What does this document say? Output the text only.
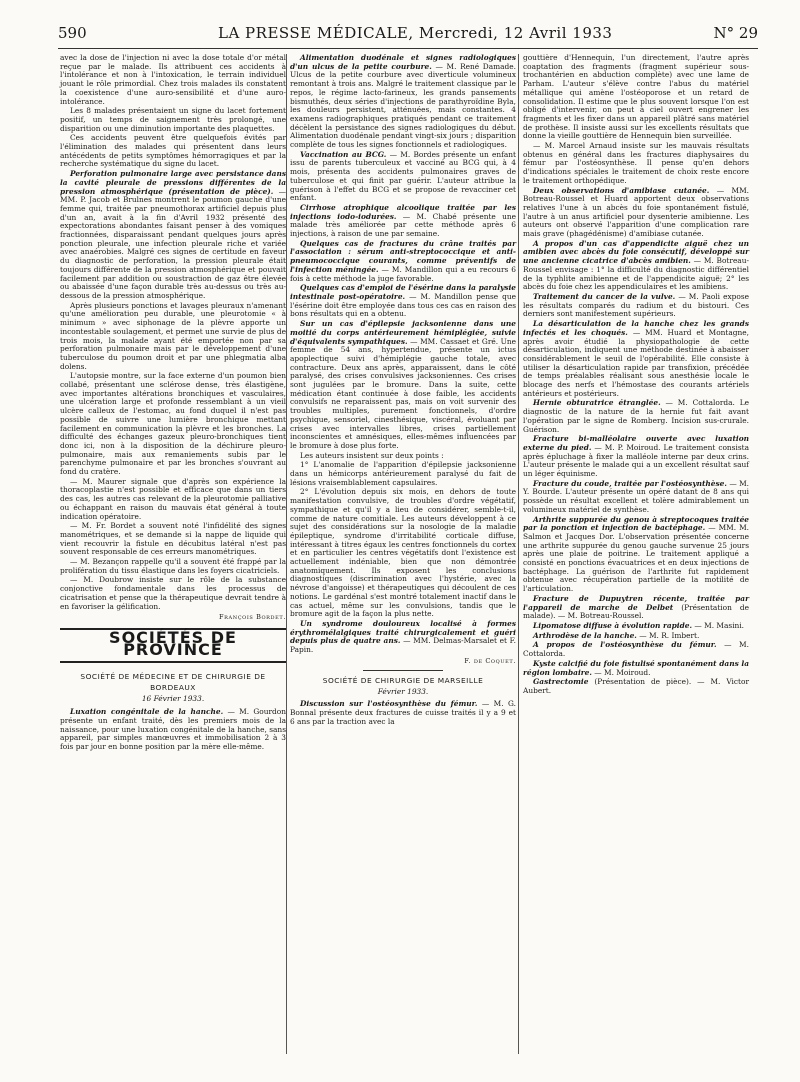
590	LA PRESSE MÉDICALE, Mercredi, 12 Avril 1933	N° 29

avec la dose de l'injection ni avec la dose totale d'or métal reçue par le malade. Ils attribuent ces accidents à l'intolérance et non à l'intoxication, le terrain individuel jouant le rôle primordial. Chez trois malades ils constatent la coexistence d'une auro-sensibilité et d'une auro-intolérance.

Les 8 malades présentaient un signe du lacet fortement positif, un temps de saignement très prolongé, une disparition ou une diminution importante des plaquettes.

Ces accidents peuvent être quelquefois évités par l'élimination des malades qui présentent dans leurs antécédents de petits symptômes hémorragiques et par la recherche systématique du signe du lacet.

Perforation pulmonaire large avec persistance dans la cavité pleurale de pressions différentes de la pression atmosphérique (présentation de pièce). — MM. P. Jacob et Brulnes montrent le poumon gauche d'une femme qui, traitée par pneumothorax artificiel depuis plus d'un an, avait à la fin d'Avril 1932 présenté des expectorations abondantes faisant penser à des vomiques fractionnées, disparaissant pendant quelques jours après ponction pleurale, une infection pleurale riche et variée avec anaérobies. Malgré ces signes de certitude en faveur du diagnostic de perforation, la pression pleurale était toujours différente de la pression atmosphérique et pouvait facilement par addition ou soustraction de gaz être élevée ou abaissée d'une façon durable très au-dessus ou très au-dessous de la pression atmosphérique.

Après plusieurs ponctions et lavages pleuraux n'amenant qu'une amélioration peu durable, une pleurotomie « à minimum » avec siphonage de la plèvre apporte un incontestable soulagement, et permet une survie de plus de trois mois, la malade ayant été emportée non par sa perforation pulmonaire mais par le développement d'une tuberculose du poumon droit et par une phlegmatia alba dolens.

L'autopsie montre, sur la face externe d'un poumon bien collabé, présentant une sclérose dense, très élastigène, avec importantes altérations bronchiques et vasculaires, une ulcération large et profonde ressemblant à un vieil ulcère calleux de l'estomac, au fond duquel il n'est pas possible de suivre une lumière bronchique mettant facilement en communication la plèvre et les bronches. La difficulté des échanges gazeux pleuro-bronchiques tient donc ici, non à la disposition de la déchirure pleuro-pulmonaire, mais aux remaniements subis par le parenchyme pulmonaire et par les bronches s'ouvrant au fond du cratère.

— M. Maurer signale que d'après son expérience la thoracoplastie n'est possible et efficace que dans un tiers des cas, les autres cas relevant de la pleurotomie palliative ou échappant en raison du mauvais état général à toute indication opératoire.

— M. Fr. Bordet a souvent noté l'infidélité des signes manométriques, et se demande si la nappe de liquide qui vient recouvrir la fistule en décubitus latéral n'est pas souvent responsable de ces erreurs manométriques.

— M. Bezançon rappelle qu'il a souvent été frappé par la prolifération du tissu élastique dans les foyers cicatriciels.

— M. Doubrow insiste sur le rôle de la substance conjonctive fondamentale dans les processus de cicatrisation et pense que la thérapeutique devrait tendre à en favoriser la gélification.

François Bordet.
SOCIÉTÉS DE PROVINCE
SOCIÉTÉ DE MÉDECINE ET DE CHIRURGIE DE BORDEAUX
16 Février 1933.

Luxation congénitale de la hanche. — M. Gourdon présente un enfant traité, dès les premiers mois de la naissance, pour une luxation congénitale de la hanche, sans appareil, par simples manœuvres et immobilisation 2 à 3 fois par jour en bonne position par la mère elle-même.

Alimentation duodénale et signes radiologiques d'un ulcus de la petite courbure. — M. René Damade. Ulcus de la petite courbure avec diverticule volumineux remontant à trois ans. Malgré le traitement classique par le repos, le régime lacto-farineux, les grands pansements bismuthés, deux séries d'injections de parathyroïdine Byla, les douleurs persistent, atténuées, mais constantes. 4 examens radiographiques pratiqués pendant ce traitement décèlent la persistance des signes radiologiques du début. Alimentation duodénale pendant vingt-six jours ; disparition complète de tous les signes fonctionnels et radiologiques.

Vaccination au BCG. — M. Bordes présente un enfant issu de parents tuberculeux et vacciné au BCG qui, à 4 mois, présenta des accidents pulmonaires graves de tuberculose et qui finit par guérir. L'auteur attribue la guérison à l'effet du BCG et se propose de revacciner cet enfant.

Cirrhose atrophique alcoolique traitée par les injections iodo-iodurées. — M. Chabé présente une malade très améliorée par cette méthode après 6 injections, à raison de une par semaine.

Quelques cas de fractures du crâne traités par l'association : sérum anti-streptococcique et anti-pneumococcique courants, comme préventifs de l'infection méningée. — M. Mandillon qui a eu recours 6 fois à cette méthode la juge favorable.

Quelques cas d'emploi de l'ésérine dans la paralysie intestinale post-opératoire. — M. Mandillon pense que l'ésérine doit être employée dans tous ces cas en raison des bons résultats qui en a obtenu.

Sur un cas d'épilepsie jacksonienne dans une moitié du corps antérieurement hémiplégiée, suivie d'équivalents sympathiques. — MM. Cassaet et Gré. Une femme de 54 ans, hypertendue, présente un ictus apoplectique suivi d'hémiplégie gauche totale, avec contracture. Deux ans après, apparaissent, dans le côté paralysé, des crises convulsives jacksoniennes. Ces crises sont jugulées par le bromure. Dans la suite, cette médication étant continuée à dose faible, les accidents convulsifs ne reparaissent pas, mais on voit survenir des troubles multiples, purement fonctionnels, d'ordre psychique, sensoriel, cinesthésique, viscéral, évoluant par crises avec intervalles libres, crises partiellement inconscientes et amnésiques, elles-mêmes influencées par le bromure à dose plus forte.

Les auteurs insistent sur deux points :

1° L'anomalie de l'apparition d'épilepsie jacksonienne dans un hémicorps antérieurement paralysé du fait de lésions vraisemblablement capsulaires.

2° L'évolution depuis six mois, en dehors de toute manifestation convulsive, de troubles d'ordre végétatif, sympathique et qu'il y a lieu de considérer, semble-t-il, comme de nature comitiale. Les auteurs développent à ce sujet des considérations sur la nosologie de la maladie épileptique, syndrome d'irritabilité corticale diffuse, intéressant à titres égaux les centres fonctionnels du cortex et en particulier les centres végétatifs dont l'existence est actuellement indéniable, bien que non démontrée anatomiquement. Ils exposent les conclusions diagnostiques (discrimination avec l'hystérie, avec la névrose d'angoisse) et thérapeutiques qui découlent de ces notions. Le gardénal s'est montré totalement inactif dans le cas actuel, même sur les convulsions, tandis que le bromure agit de la façon la plus nette.

Un syndrome douloureux localisé à formes érythromélalgiques traité chirurgicalement et guéri depuis plus de quatre ans. — MM. Delmas-Marsalet et F. Papin.

F. de Coquet.
SOCIÉTÉ DE CHIRURGIE DE MARSEILLE
Février 1933.

Discussion sur l'ostéosynthèse du fémur. — M. G. Bonnal présente deux fractures de cuisse traités il y a 9 et 6 ans par la traction avec la

gouttière d'Hennequin, l'un directement, l'autre après coaptation des fragments (fragment supérieur sous-trochantérien en abduction complète) avec une lame de Parham. L'auteur s'élève contre l'abus du matériel métallique qui amène l'ostéoporose et un retard de consolidation. Il estime que le plus souvent lorsque l'on est obligé d'intervenir, on peut à ciel ouvert engrener les fragments et les fixer dans un appareil plâtré sans matériel de prothèse. Il insiste aussi sur les excellents résultats que donne la vieille gouttière de Hennequin bien surveillée.

— M. Marcel Arnaud insiste sur les mauvais résultats obtenus en général dans les fractures diaphysaires du fémur par l'ostéosynthèse. Il pense qu'en dehors d'indications spéciales le traitement de choix reste encore le traitement orthopédique.

Deux observations d'amibiase cutanée. — MM. Botreau-Roussel et Huard apportent deux observations relatives l'une à un abcès du foie spontanément fistulé, l'autre à un anus artificiel pour dysenterie amibienne. Les auteurs ont observé l'apparition d'une complication rare mais grave (phagédénisme) d'amibiase cutanée.

A propos d'un cas d'appendicite aiguë chez un amibien avec abcès du foie consécutif, développé sur une ancienne cicatrice d'abcès amibien. — M. Botreau-Roussel envisage : 1° la difficulté du diagnostic différentiel de la typhlite amibienne et de l'appendicite aiguë; 2° les abcès du foie chez les appendiculaires et les amibiens.

Traitement du cancer de la vulve. — M. Paoli expose les résultats comparés du radium et du bistouri. Ces derniers sont manifestement supérieurs.

La désarticulation de la hanche chez les grands infectés et les choqués. — MM. Huard et Montagne, après avoir étudié la physiopathologie de cette désarticulation, indiquent une méthode destinée à abaisser considérablement le seuil de l'opérabilité. Elle consiste à utiliser la désarticulation rapide par transfixion, précédée de temps préalables réalisant sous anesthésie locale le blocage des nerfs et l'hémostase des courants artériels antérieurs et postérieurs.

Hernie obturatrice étranglée. — M. Cottalorda. Le diagnostic de la nature de la hernie fut fait avant l'opération par le signe de Romberg. Incision sus-crurale. Guérison.

Fracture bi-malléolaire ouverte avec luxation externe du pied. — M. P. Moiroud. Le traitement consista après épluchage à fixer la malléole interne par deux crins. L'auteur présente le malade qui a un excellent résultat sauf un léger équinisme.

Fracture du coude, traitée par l'ostéosynthèse. — M. Y. Bourde. L'auteur présente un opéré datant de 8 ans qui possède un résultat excellent et tolère admirablement un volumineux matériel de synthèse.

Arthrite suppurée du genou à streptocoques traitée par la ponction et injection de bactéphage. — MM. M. Salmon et Jacques Dor. L'observation présentée concerne une arthrite suppurée du genou gauche survenue 25 jours après une plaie de poitrine. Le traitement appliqué a consisté en ponctions évacuatrices et en deux injections de bactéphage. La guérison de l'arthrite fut rapidement obtenue avec récupération partielle de la motilité de l'articulation.

Fracture de Dupuytren récente, traitée par l'appareil de marche de Delbet (Présentation de malade). — M. Botreau-Roussel.

Lipomatose diffuse à évolution rapide. — M. Masini.

Arthrodèse de la hanche. — M. R. Imbert.

A propos de l'ostéosynthèse du fémur. — M. Cottalorda.

Kyste calcifié du foie fistulisé spontanément dans la région lombaire. — M. Moiroud.

Gastrectomie (Présentation de pièce). — M. Victor Aubert.
